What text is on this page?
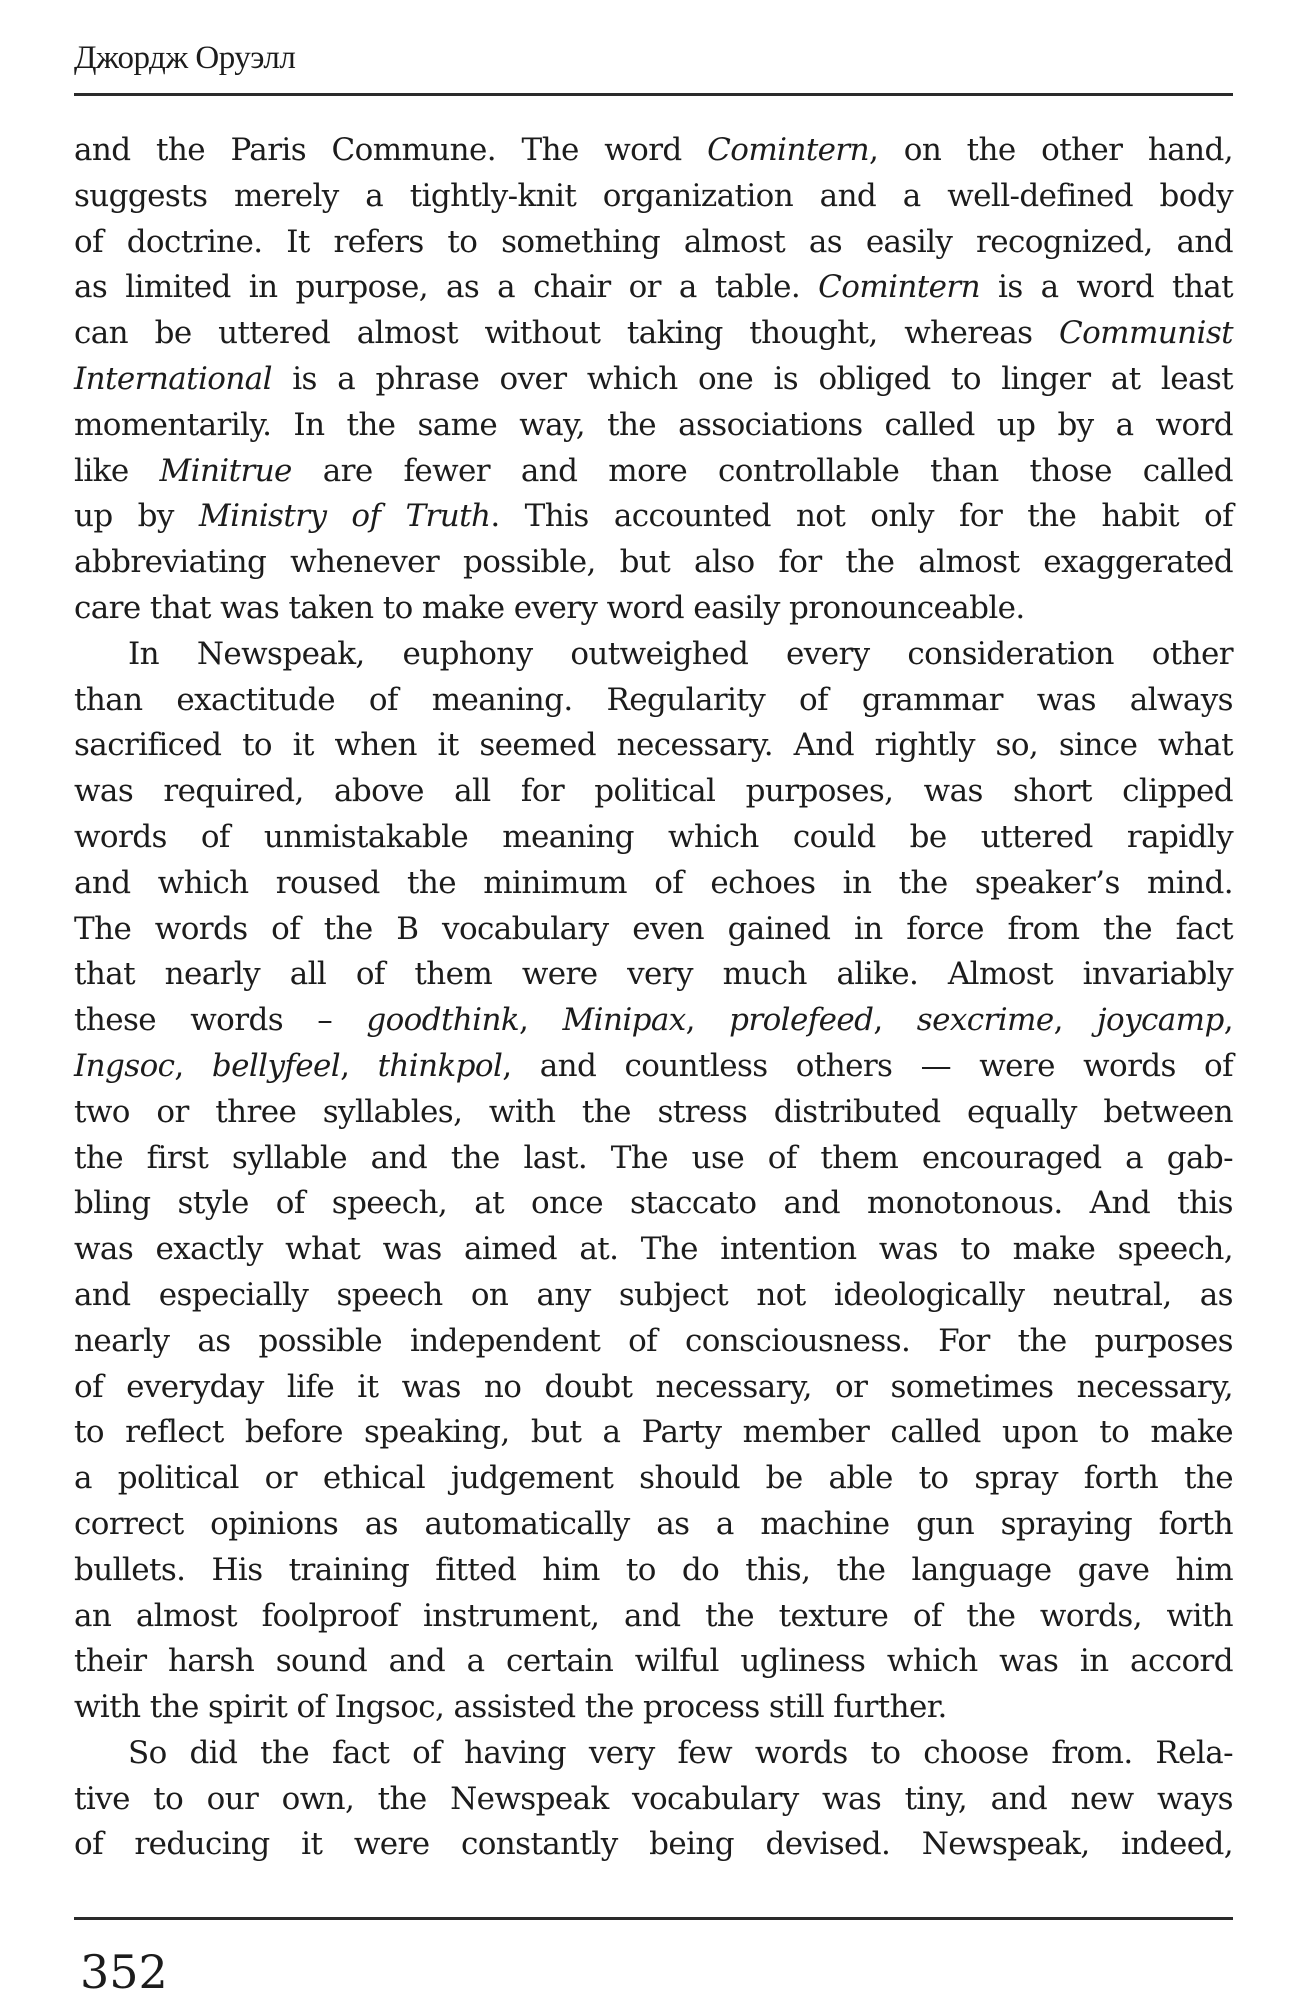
Джордж Оруэлл
and the Paris Commune. The word Comintern, on the other hand,
suggests merely a tightly-knit organization and a well-defined body
of doctrine. It refers to something almost as easily recognized, and
as limited in purpose, as a chair or a table. Comintern is a word that
can be uttered almost without taking thought, whereas Communist
International is a phrase over which one is obliged to linger at least
momentarily. In the same way, the associations called up by a word
like Minitrue are fewer and more controllable than those called
up by Ministry of Truth. This accounted not only for the habit of
abbreviating whenever possible, but also for the almost exaggerated
care that was taken to make every word easily pronounceable.
In Newspeak, euphony outweighed every consideration other
than exactitude of meaning. Regularity of grammar was always
sacrificed to it when it seemed necessary. And rightly so, since what
was required, above all for political purposes, was short clipped
words of unmistakable meaning which could be uttered rapidly
and which roused the minimum of echoes in the speaker’s mind.
The words of the B vocabulary even gained in force from the fact
that nearly all of them were very much alike. Almost invariably
these words – goodthink, Minipax, prolefeed, sexcrime, joycamp,
Ingsoc, bellyfeel, thinkpol, and countless others — were words of
two or three syllables, with the stress distributed equally between
the first syllable and the last. The use of them encouraged a gab-
bling style of speech, at once staccato and monotonous. And this
was exactly what was aimed at. The intention was to make speech,
and especially speech on any subject not ideologically neutral, as
nearly as possible independent of consciousness. For the purposes
of everyday life it was no doubt necessary, or sometimes necessary,
to reflect before speaking, but a Party member called upon to make
a political or ethical judgement should be able to spray forth the
correct opinions as automatically as a machine gun spraying forth
bullets. His training fitted him to do this, the language gave him
an almost foolproof instrument, and the texture of the words, with
their harsh sound and a certain wilful ugliness which was in accord
with the spirit of Ingsoc, assisted the process still further.
So did the fact of having very few words to choose from. Rela-
tive to our own, the Newspeak vocabulary was tiny, and new ways
of reducing it were constantly being devised. Newspeak, indeed,
352
